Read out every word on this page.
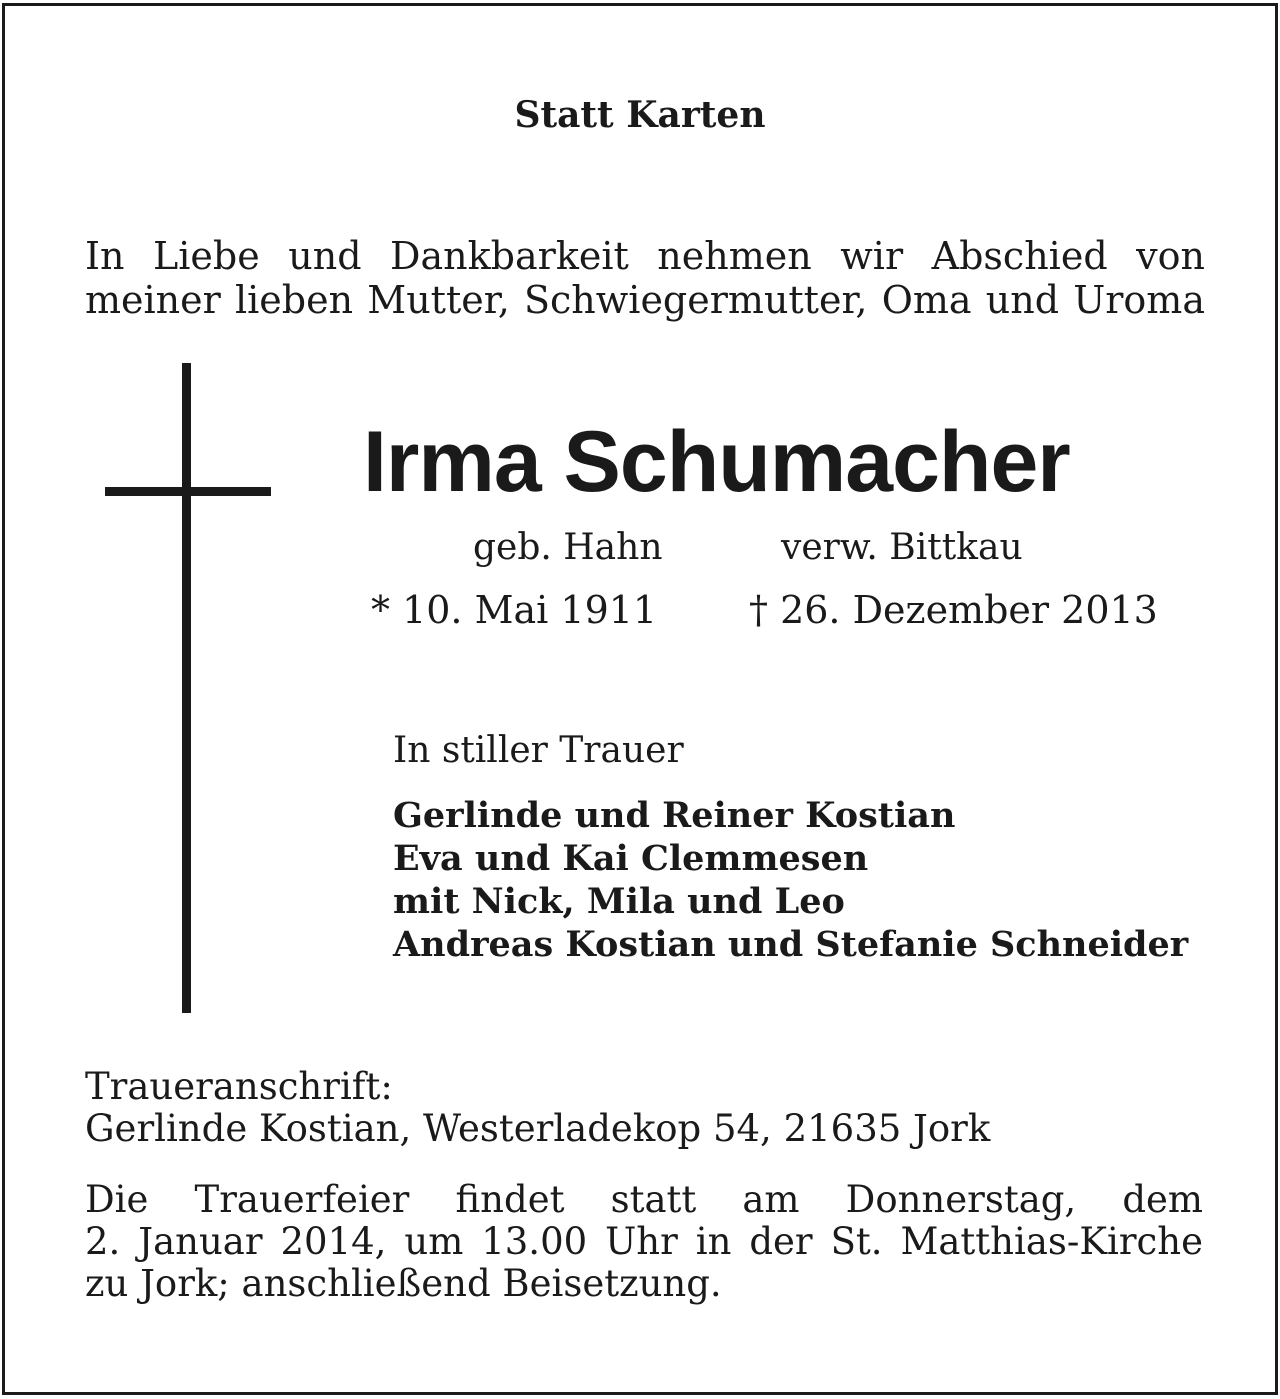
Statt Karten

In Liebe und Dankbarkeit nehmen wir Abschied von
meiner lieben Mutter, Schwiegermutter, Oma und Uroma

Irma Schumacher
geb. Hahn	verw. Bittkau
* 10. Mai 1911 † 26. Dezember 2013
In stiller Trauer
Gerlinde und Reiner Kostian
Eva und Kai Clemmesen
mit Nick, Mila und Leo
Andreas Kostian und Stefanie Schneider
Traueranschrift:
Gerlinde Kostian, Westerladekop 54, 21635 Jork
Die Trauerfeier findet statt am Donnerstag, dem
2. Januar 2014, um 13.00 Uhr in der St. Matthias-Kirche
zu Jork; anschließend Beisetzung.
